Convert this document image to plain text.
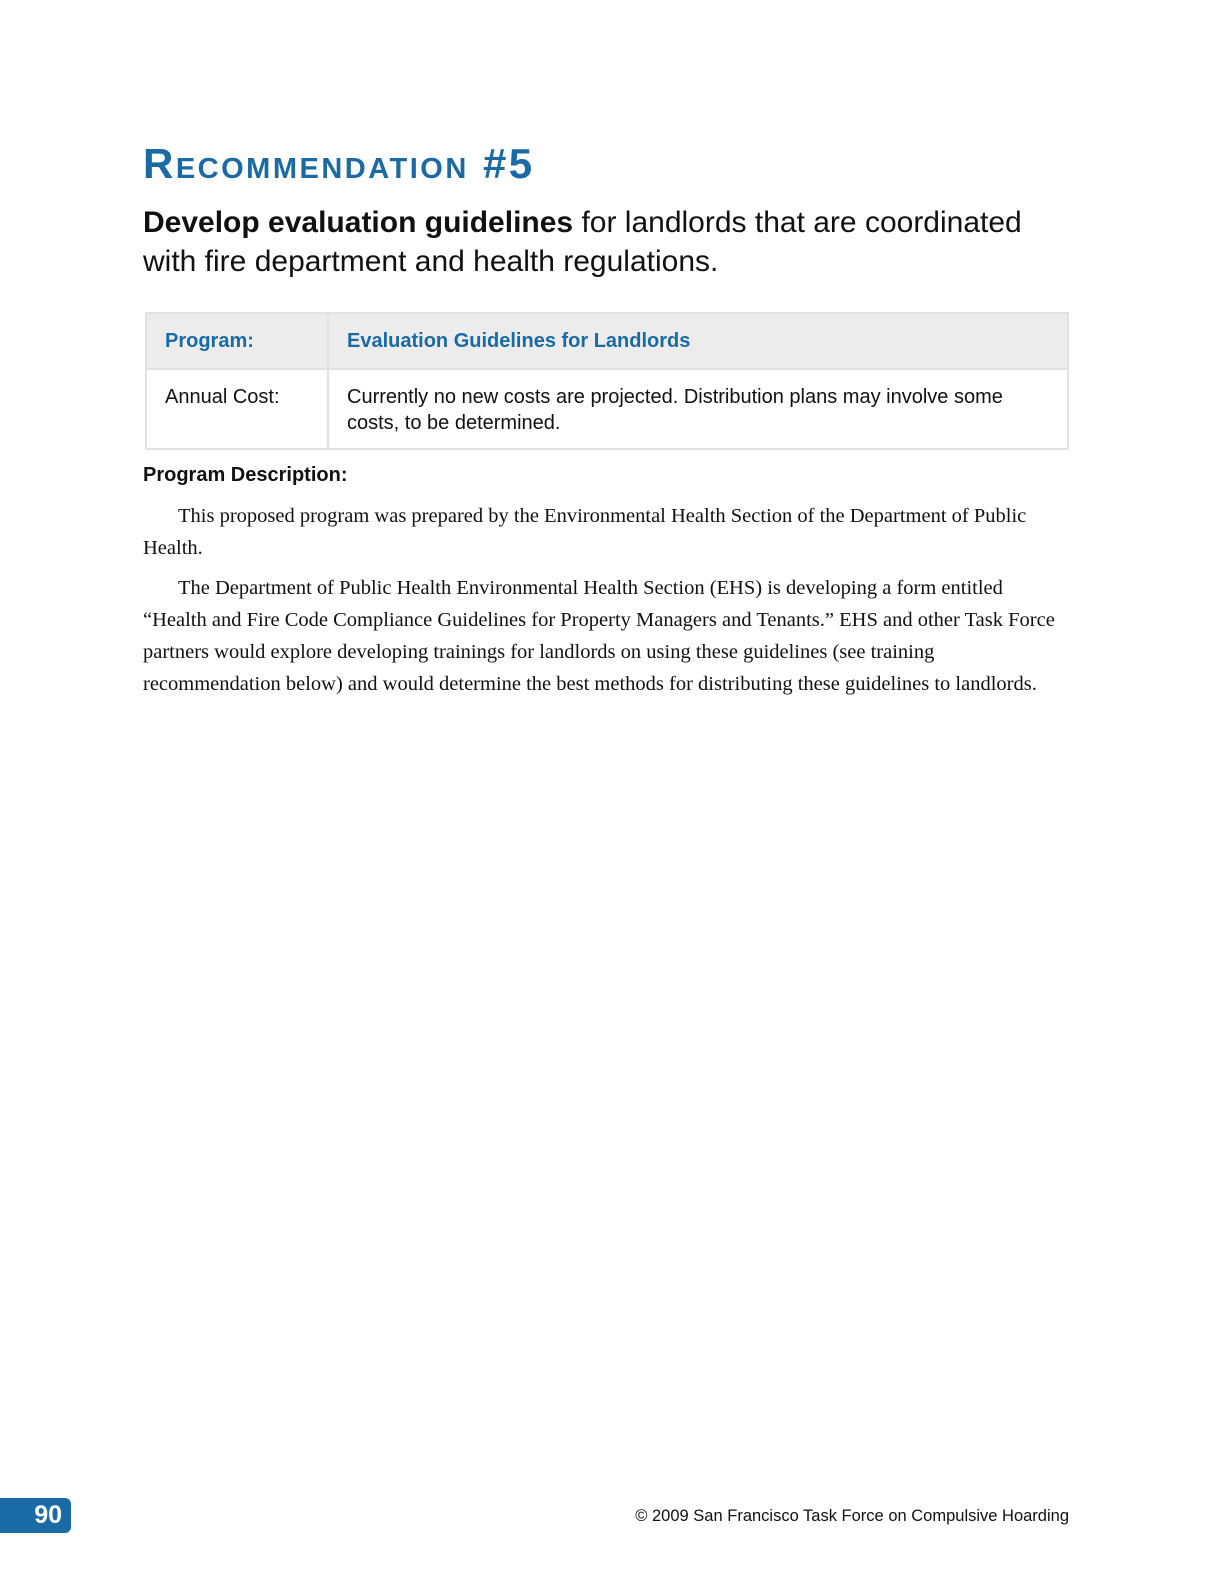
Recommendation #5

Develop evaluation guidelines for landlords that are coordinated with fire department and health regulations.

Program:	Evaluation Guidelines for Landlords
Annual Cost:	Currently no new costs are projected. Distribution plans may involve some costs, to be determined.
Program Description:

This proposed program was prepared by the Environmental Health Section of the Department of Public Health.

The Department of Public Health Environmental Health Section (EHS) is developing a form entitled “Health and Fire Code Compliance Guidelines for Property Managers and Tenants.” EHS and other Task Force partners would explore developing trainings for landlords on using these guidelines (see training recommendation below) and would determine the best methods for distributing these guidelines to landlords.

90	© 2009 San Francisco Task Force on Compulsive Hoarding
